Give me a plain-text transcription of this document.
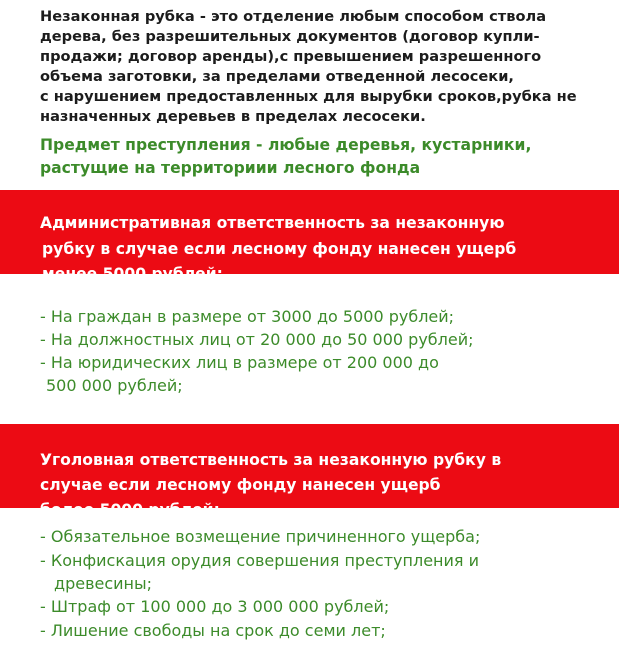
Незаконная рубка - это отделение любым способом ствола

дерева, без разрешительных документов (договор купли-

продажи; договор аренды),с превышением разрешенного

объема заготовки, за пределами отведенной лесосеки,

с нарушением предоставленных для вырубки сроков,рубка не

назначенных деревьев в пределах лесосеки.

Предмет преступления - любые деревья, кустарники,

растущие на территориии лесного фонда

Административная ответственность за незаконную

рубку в случае если лесному фонду нанесен ущерб

менее 5000 рублей:

- На граждан в размере от 3000 до 5000 рублей;

- На должностных лиц от 20 000 до 50 000 рублей;

- На юридических лиц в размере от 200 000 до

500 000 рублей;

Уголовная ответственность за незаконную рубку в

случае если лесному фонду нанесен ущерб

более 5000 рублей:

- Обязательное возмещение причиненного ущерба;

- Конфискация орудия совершения преступления и

древесины;

- Штраф от 100 000 до 3 000 000 рублей;

- Лишение свободы на срок до семи лет;
